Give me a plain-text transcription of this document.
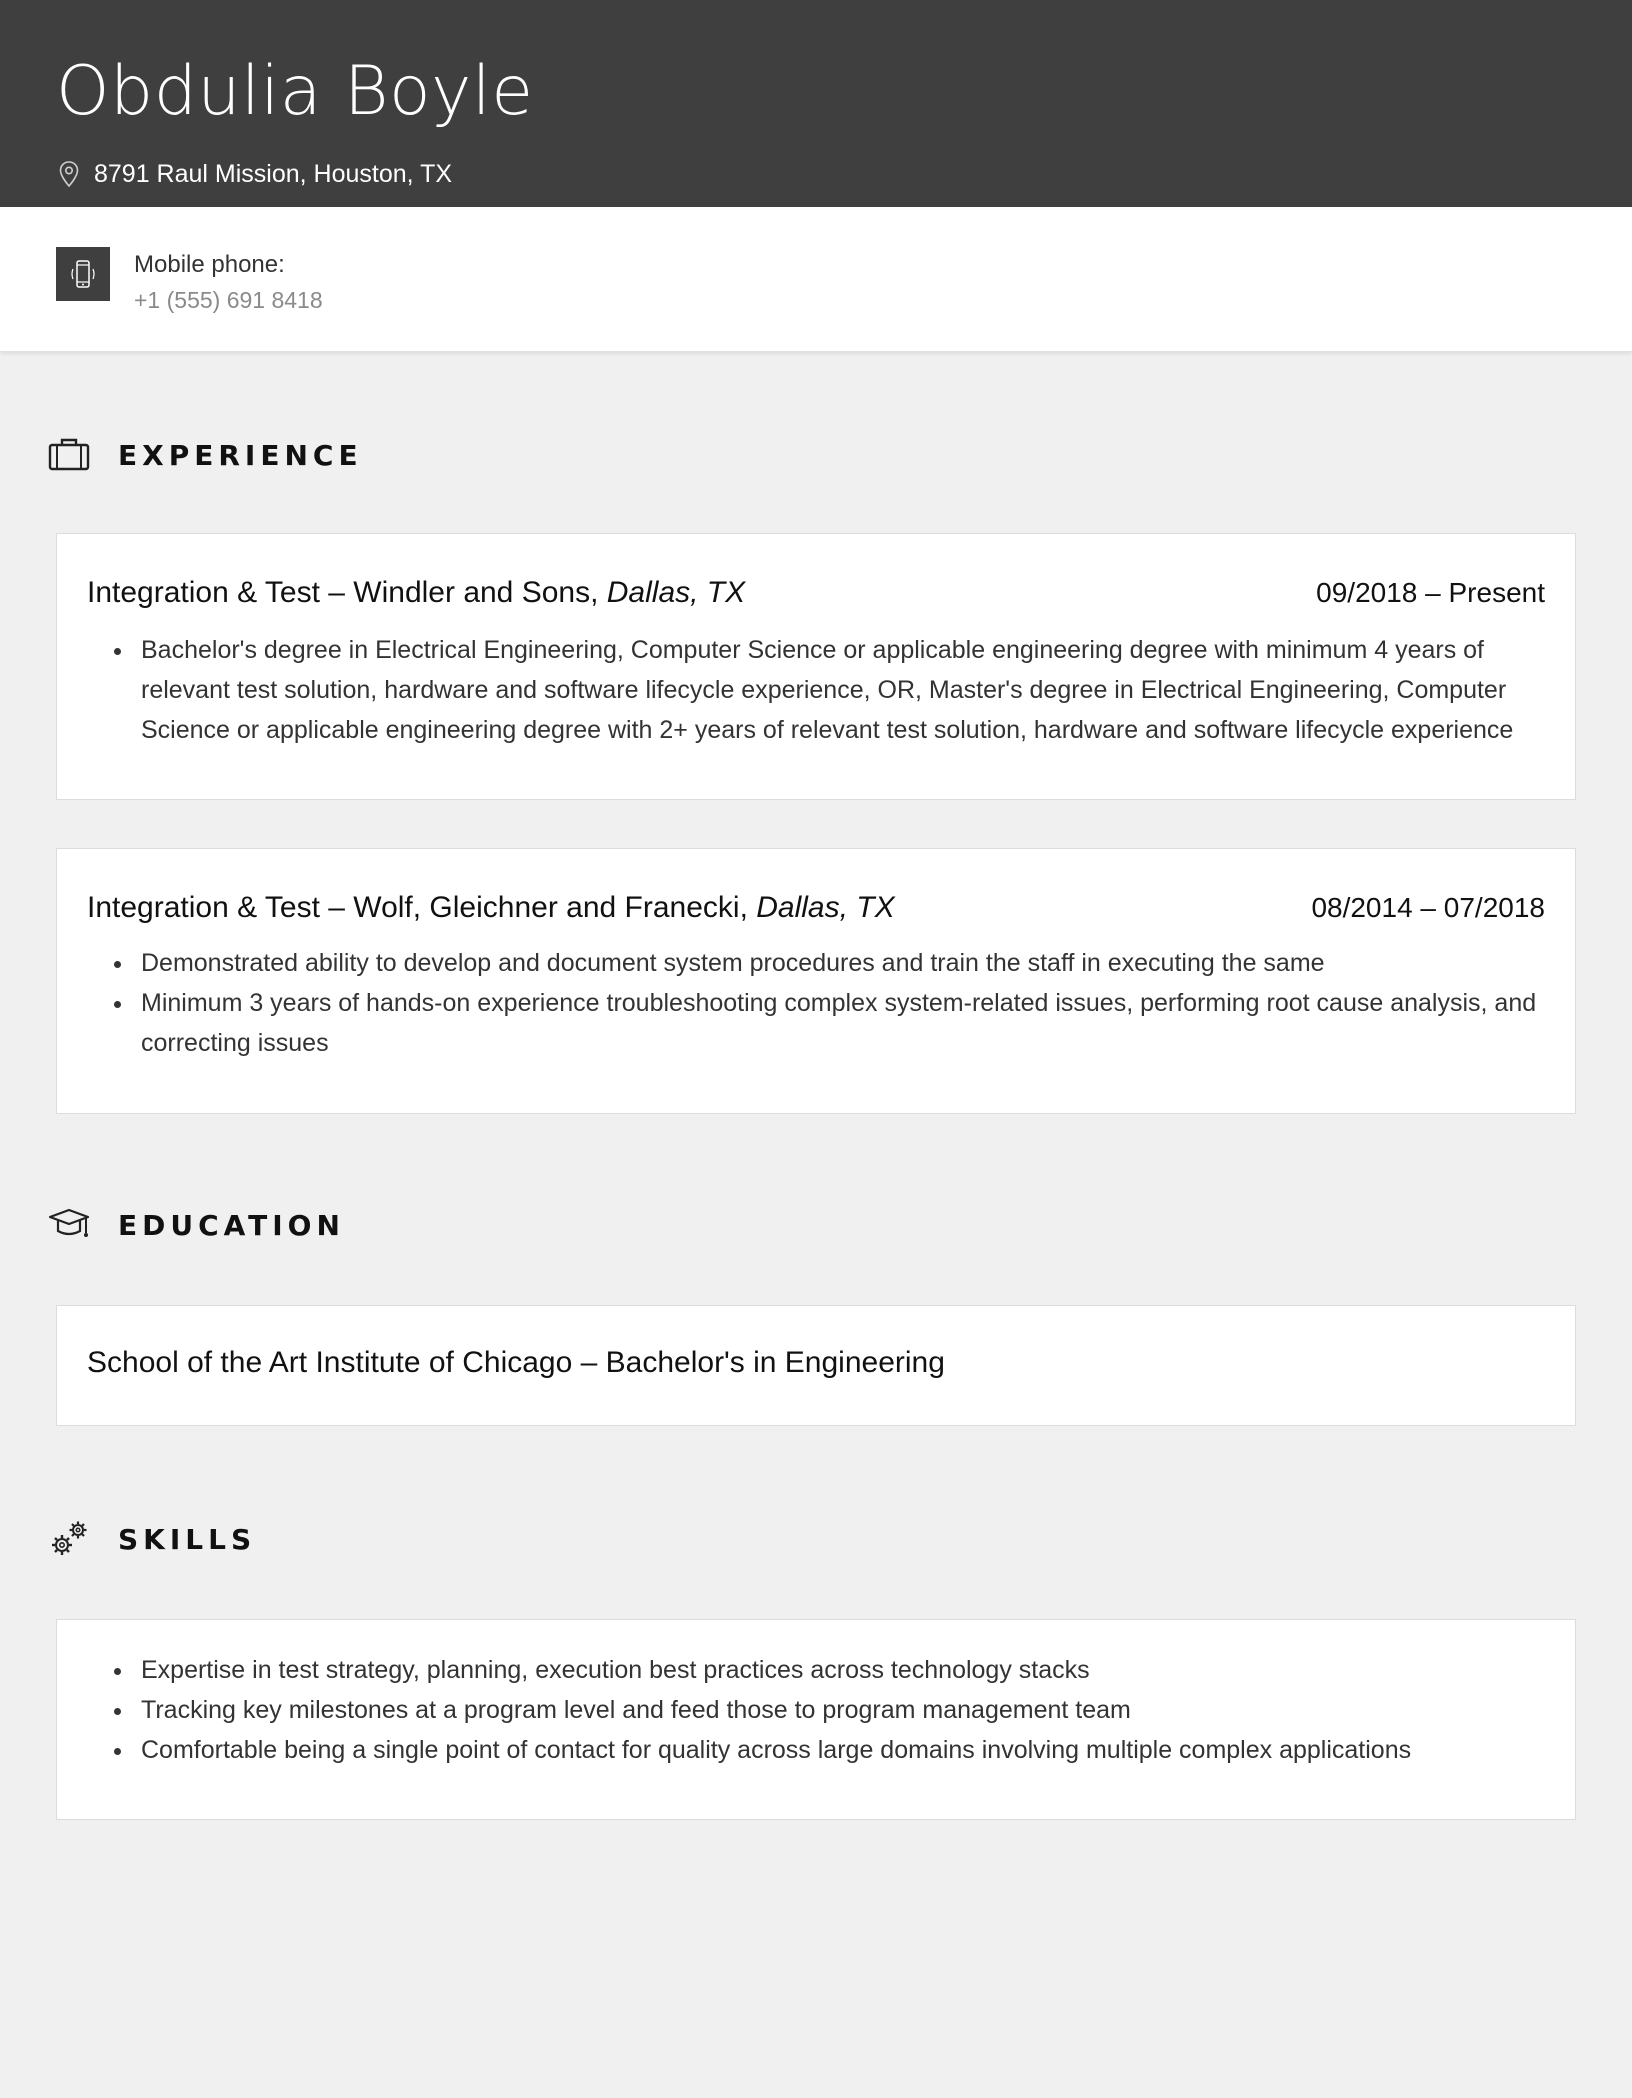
Obdulia Boyle
8791 Raul Mission, Houston, TX
Mobile phone:
+1 (555) 691 8418
EXPERIENCE
Integration & Test – Windler and Sons, Dallas, TX	09/2018 – Present
• Bachelor's degree in Electrical Engineering, Computer Science or applicable engineering degree with minimum 4 years of relevant test solution, hardware and software lifecycle experience, OR, Master's degree in Electrical Engineering, Computer Science or applicable engineering degree with 2+ years of relevant test solution, hardware and software lifecycle experience
Integration & Test – Wolf, Gleichner and Franecki, Dallas, TX	08/2014 – 07/2018
• Demonstrated ability to develop and document system procedures and train the staff in executing the same
• Minimum 3 years of hands-on experience troubleshooting complex system-related issues, performing root cause analysis, and correcting issues
EDUCATION
School of the Art Institute of Chicago – Bachelor's in Engineering
SKILLS
• Expertise in test strategy, planning, execution best practices across technology stacks
• Tracking key milestones at a program level and feed those to program management team
• Comfortable being a single point of contact for quality across large domains involving multiple complex applications
